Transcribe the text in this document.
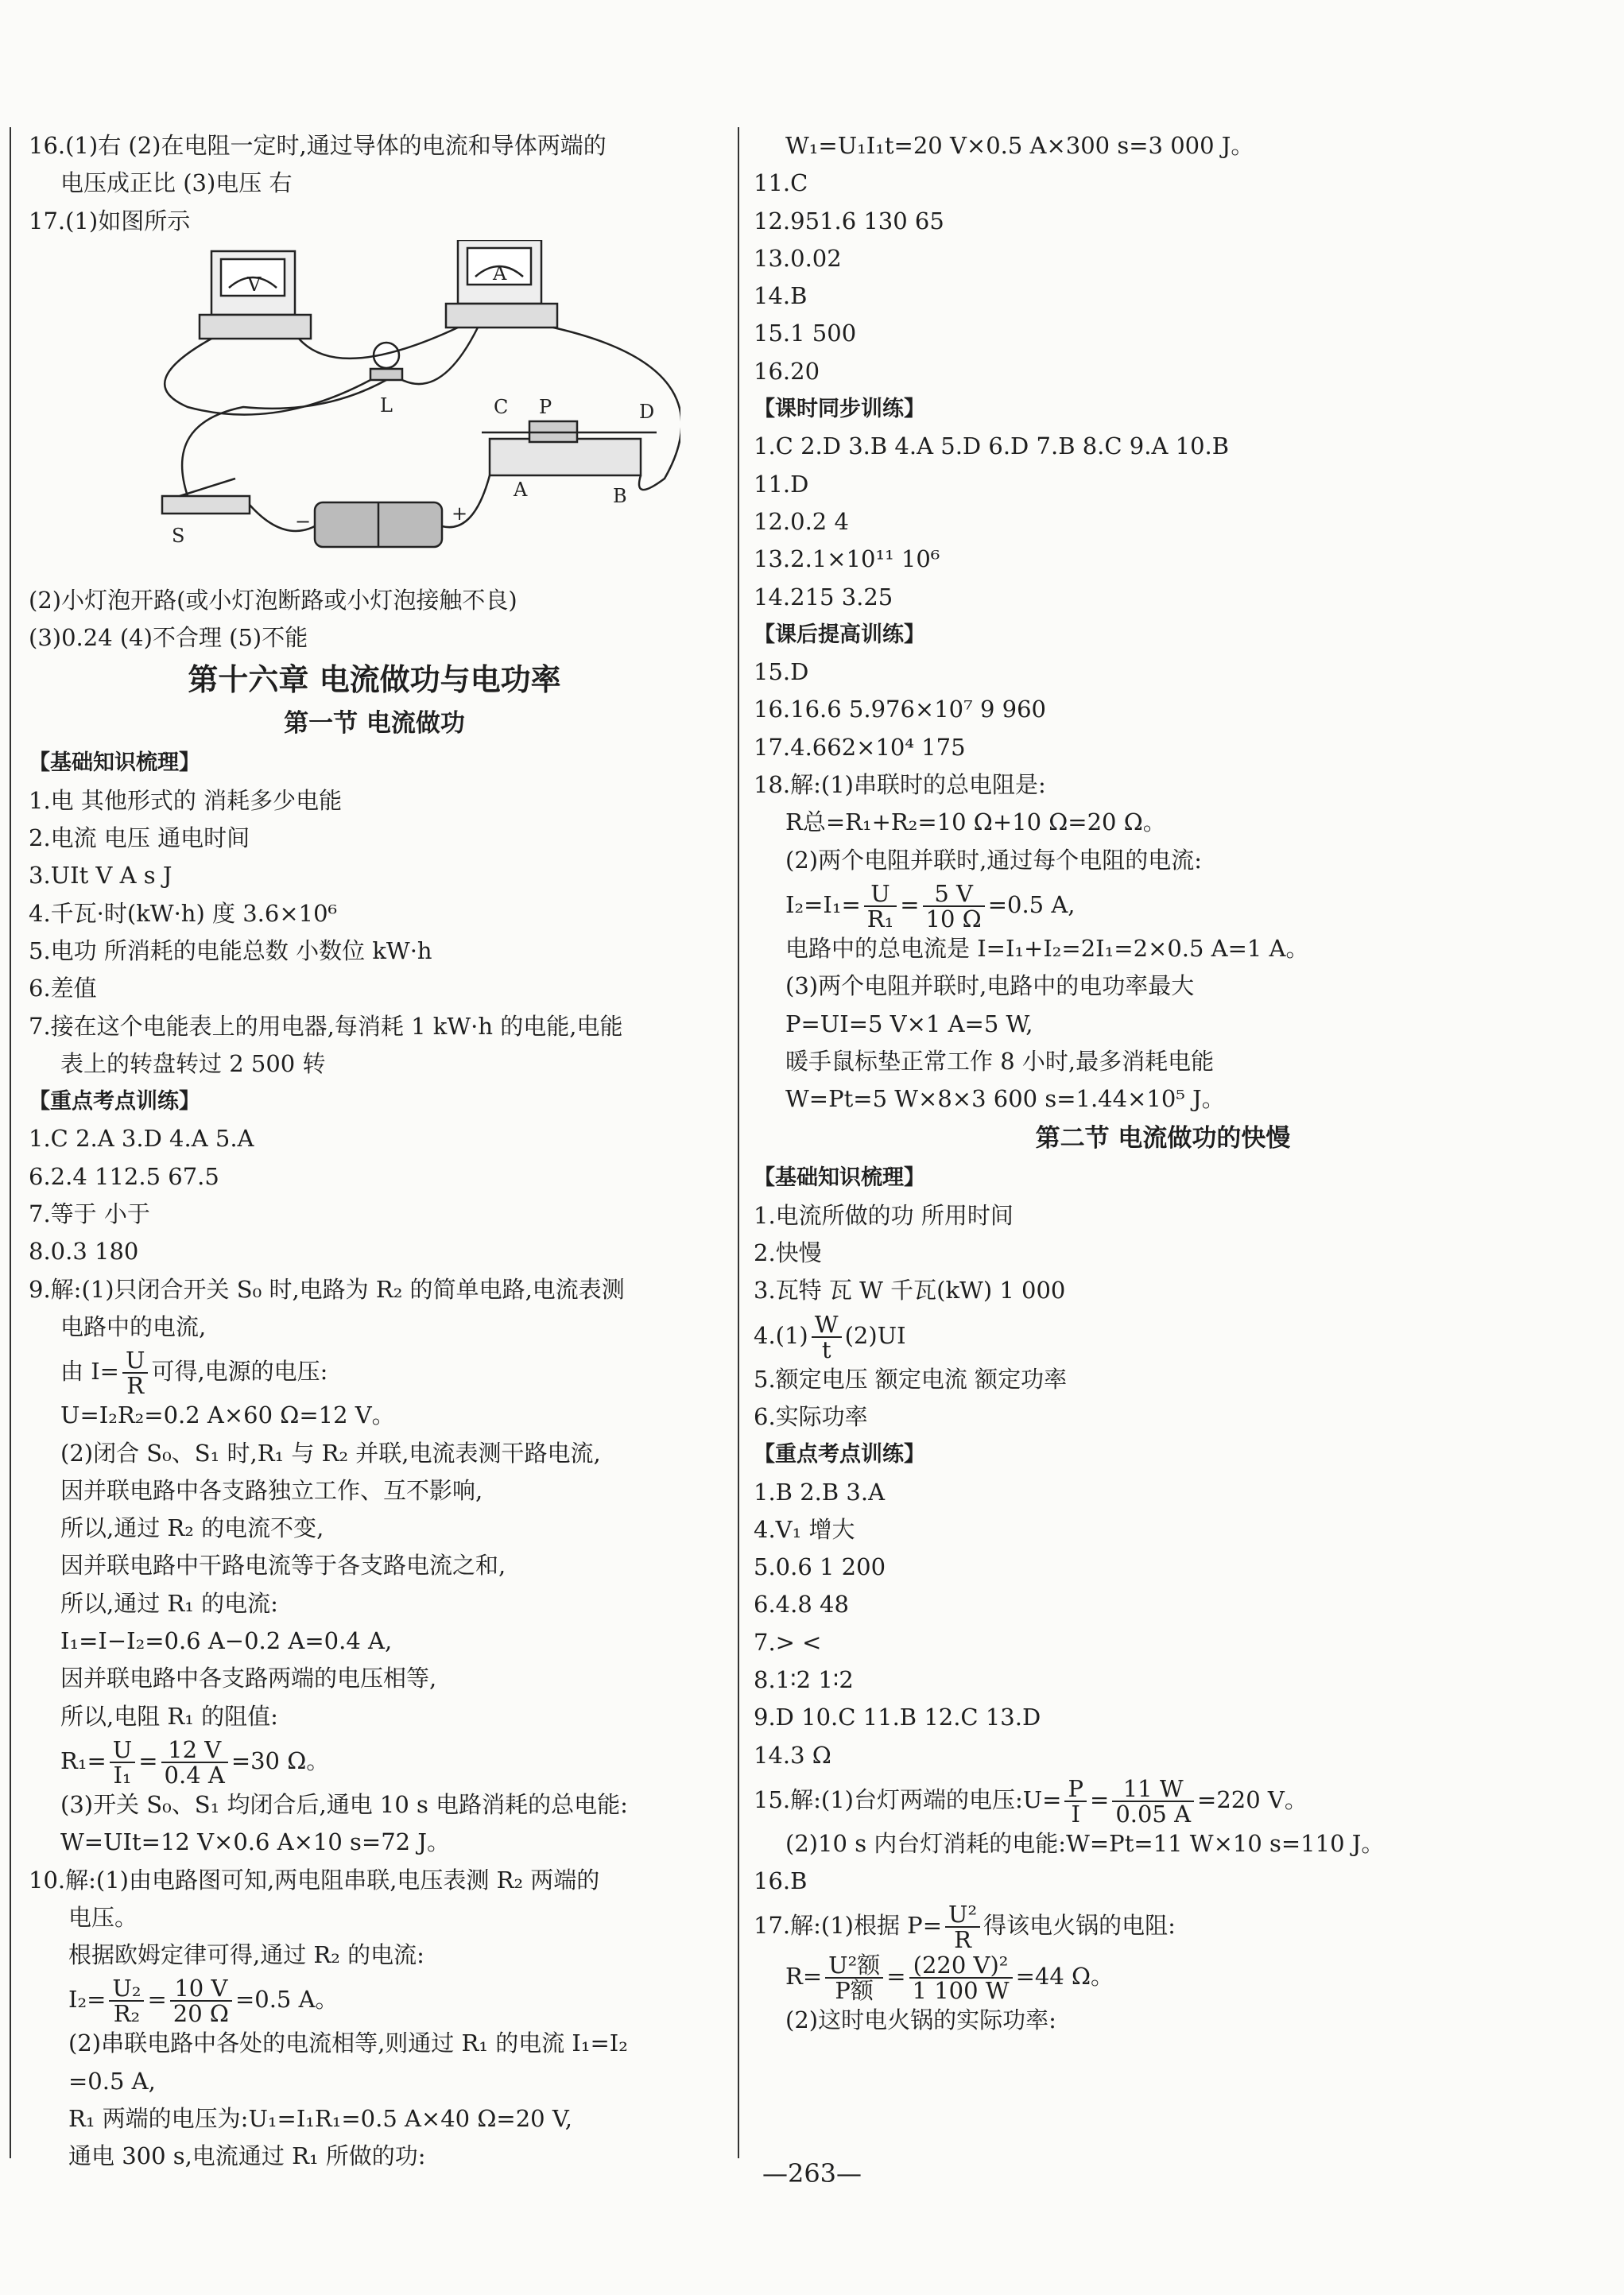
16.(1)右 (2)在电阻一定时,通过导体的电流和导体两端的
电压成正比 (3)电压 右
17.(1)如图所示
V	A
L
S
C P	D
A	B
−	+
(2)小灯泡开路(或小灯泡断路或小灯泡接触不良)
(3)0.24 (4)不合理 (5)不能
第十六章 电流做功与电功率
第一节 电流做功
【基础知识梳理】
1.电 其他形式的 消耗多少电能
2.电流 电压 通电时间
3.UIt V A s J
4.千瓦·时(kW·h) 度 3.6×10⁶
5.电功 所消耗的电能总数 小数位 kW·h
6.差值
7.接在这个电能表上的用电器,每消耗 1 kW·h 的电能,电能
表上的转盘转过 2 500 转
【重点考点训练】
1.C 2.A 3.D 4.A 5.A
6.2.4 112.5 67.5
7.等于 小于
8.0.3 180
9.解:(1)只闭合开关 S₀ 时,电路为 R₂ 的简单电路,电流表测
电路中的电流,
由 $I= \frac{U}{R}$ 可得,电源的电压:
U=I₂R₂=0.2 A×60 Ω=12 V。
(2)闭合 S₀、S₁ 时,R₁ 与 R₂ 并联,电流表测干路电流,
因并联电路中各支路独立工作、互不影响,
所以,通过 R₂ 的电流不变,
因并联电路中干路电流等于各支路电流之和,
所以,通过 R₁ 的电流:
I₁=I−I₂=0.6 A−0.2 A=0.4 A,
因并联电路中各支路两端的电压相等,
所以,电阻 R₁ 的阻值:
$R_1= \frac{U}{\text{I₁}} = \frac{12 V}{0.4 A} =30$ Ω。
(3)开关 S₀、S₁ 均闭合后,通电 10 s 电路消耗的总电能:
W=UIt=12 V×0.6 A×10 s=72 J。
10.解:(1)由电路图可知,两电阻串联,电压表测 R₂ 两端的
电压。
根据欧姆定律可得,通过 R₂ 的电流:
$I_2= \frac{\text{U₂}}{\text{R₂}} = \frac{10 V}{20 \Omega} =0.5$ A。
(2)串联电路中各处的电流相等,则通过 R₁ 的电流 I₁=I₂
=0.5 A,
R₁ 两端的电压为:U₁=I₁R₁=0.5 A×40 Ω=20 V,
通电 300 s,电流通过 R₁ 所做的功:
W₁=U₁I₁t=20 V×0.5 A×300 s=3 000 J。
11.C
12.951.6 130 65
13.0.02
14.B
15.1 500
16.20
【课时同步训练】
1.C 2.D 3.B 4.A 5.D 6.D 7.B 8.C 9.A 10.B
11.D
12.0.2 4
13.2.1×10¹¹ 10⁶
14.215 3.25
【课后提高训练】
15.D
16.16.6 5.976×10⁷ 9 960
17.4.662×10⁴ 175
18.解:(1)串联时的总电阻是:
R总=R₁+R₂=10 Ω+10 Ω=20 Ω。
(2)两个电阻并联时,通过每个电阻的电流:
$I_2=I_1= \frac{U}{\text{R₁}} = \frac{5 V}{10 \Omega} =0.5$ A,
电路中的总电流是 I=I₁+I₂=2I₁=2×0.5 A=1 A。
(3)两个电阻并联时,电路中的电功率最大
P=UI=5 V×1 A=5 W,
暖手鼠标垫正常工作 8 小时,最多消耗电能
W=Pt=5 W×8×3 600 s=1.44×10⁵ J。
第二节 电流做功的快慢
【基础知识梳理】
1.电流所做的功 所用时间
2.快慢
3.瓦特 瓦 W 千瓦(kW) 1 000
$4.(1) \frac{W}{t} (2)UI$
5.额定电压 额定电流 额定功率
6.实际功率
【重点考点训练】
1.B 2.B 3.A
4.V₁ 增大
5.0.6 1 200
6.4.8 48
7.> <
8.1∶2 1∶2
9.D 10.C 11.B 12.C 13.D
14.3 Ω
15.解:(1)台灯两端的电压:U= $\frac{P}{I} = \frac{11 W}{0.05 A} =220$ V。
(2)10 s 内台灯消耗的电能:W=Pt=11 W×10 s=110 J。
16.B
17.解:(1)根据 $P= \frac{\text{U²}}{R}$ 得该电火锅的电阻:
$R= \frac{\text{U²额}}{\text{P额}} = \frac{\text{(220 V)²}}{1 100 W} =44$ Ω。
(2)这时电火锅的实际功率:
—263—
